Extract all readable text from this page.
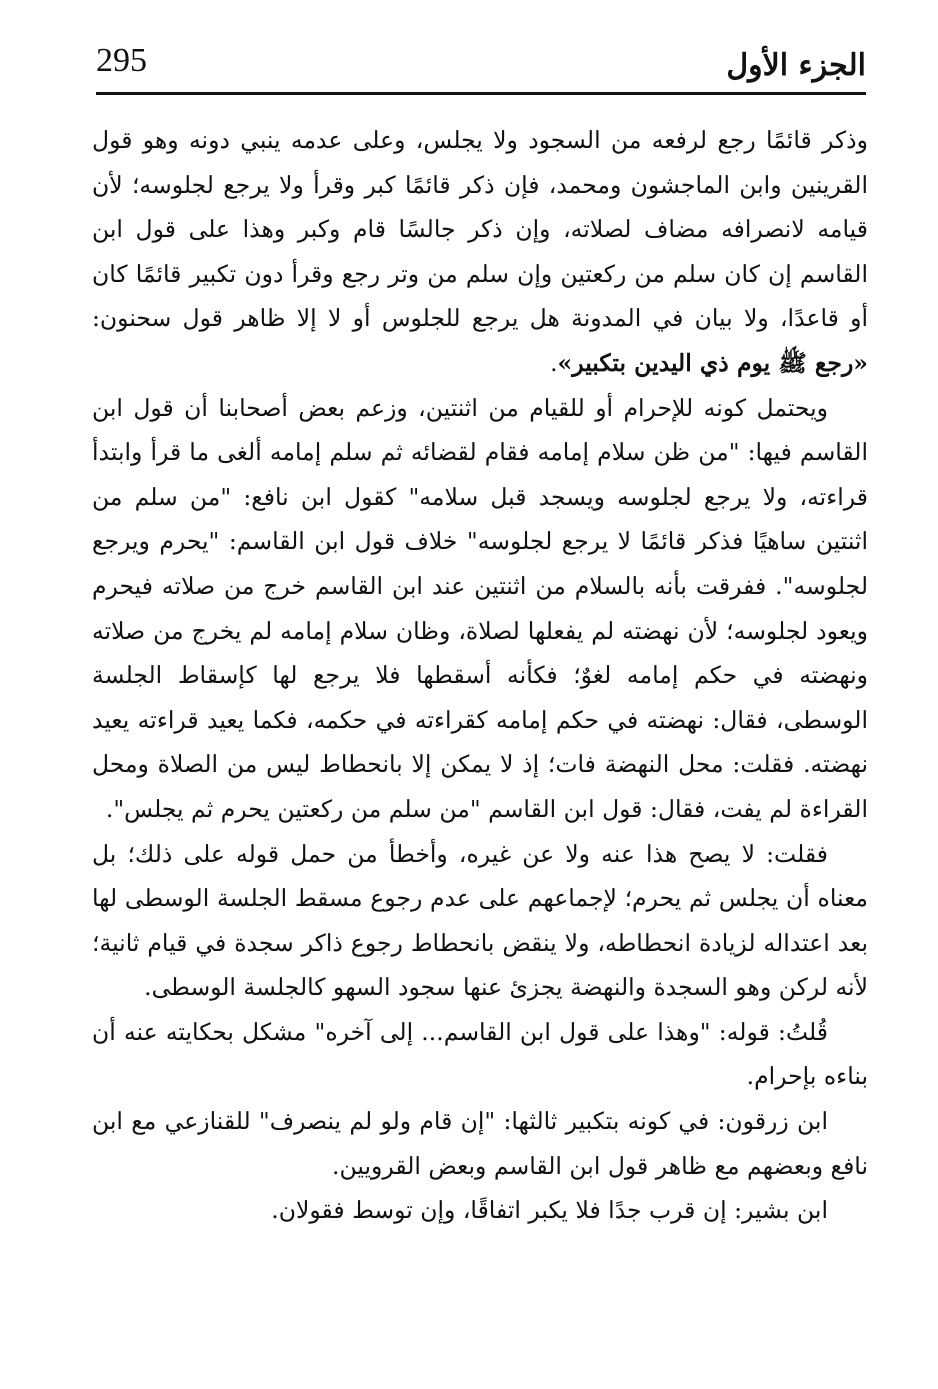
295	الجزء الأول

وذكر قائمًا رجع لرفعه من السجود ولا يجلس، وعلى عدمه ينبي دونه وهو قول القرينين وابن الماجشون ومحمد، فإن ذكر قائمًا كبر وقرأ ولا يرجع لجلوسه؛ لأن قيامه لانصرافه مضاف لصلاته، وإن ذكر جالسًا قام وكبر وهذا على قول ابن القاسم إن كان سلم من ركعتين وإن سلم من وتر رجع وقرأ دون تكبير قائمًا كان أو قاعدًا، ولا بيان في المدونة هل يرجع للجلوس أو لا إلا ظاهر قول سحنون: «رجع ﷺ يوم ذي اليدين بتكبير».

ويحتمل كونه للإحرام أو للقيام من اثنتين، وزعم بعض أصحابنا أن قول ابن القاسم فيها: "من ظن سلام إمامه فقام لقضائه ثم سلم إمامه ألغى ما قرأ وابتدأ قراءته، ولا يرجع لجلوسه ويسجد قبل سلامه" كقول ابن نافع: "من سلم من اثنتين ساهيًا فذكر قائمًا لا يرجع لجلوسه" خلاف قول ابن القاسم: "يحرم ويرجع لجلوسه". ففرقت بأنه بالسلام من اثنتين عند ابن القاسم خرج من صلاته فيحرم ويعود لجلوسه؛ لأن نهضته لم يفعلها لصلاة، وظان سلام إمامه لم يخرج من صلاته ونهضته في حكم إمامه لغوٌ؛ فكأنه أسقطها فلا يرجع لها كإسقاط الجلسة الوسطى، فقال: نهضته في حكم إمامه كقراءته في حكمه، فكما يعيد قراءته يعيد نهضته. فقلت: محل النهضة فات؛ إذ لا يمكن إلا بانحطاط ليس من الصلاة ومحل القراءة لم يفت، فقال: قول ابن القاسم "من سلم من ركعتين يحرم ثم يجلس".

فقلت: لا يصح هذا عنه ولا عن غيره، وأخطأ من حمل قوله على ذلك؛ بل معناه أن يجلس ثم يحرم؛ لإجماعهم على عدم رجوع مسقط الجلسة الوسطى لها بعد اعتداله لزيادة انحطاطه، ولا ينقض بانحطاط رجوع ذاكر سجدة في قيام ثانية؛ لأنه لركن وهو السجدة والنهضة يجزئ عنها سجود السهو كالجلسة الوسطى.

قُلتُ: قوله: "وهذا على قول ابن القاسم... إلى آخره" مشكل بحكايته عنه أن بناءه بإحرام.

ابن زرقون: في كونه بتكبير ثالثها: "إن قام ولو لم ينصرف" للقنازعي مع ابن نافع وبعضهم مع ظاهر قول ابن القاسم وبعض القرويين.

ابن بشير: إن قرب جدًا فلا يكبر اتفاقًا، وإن توسط فقولان.
